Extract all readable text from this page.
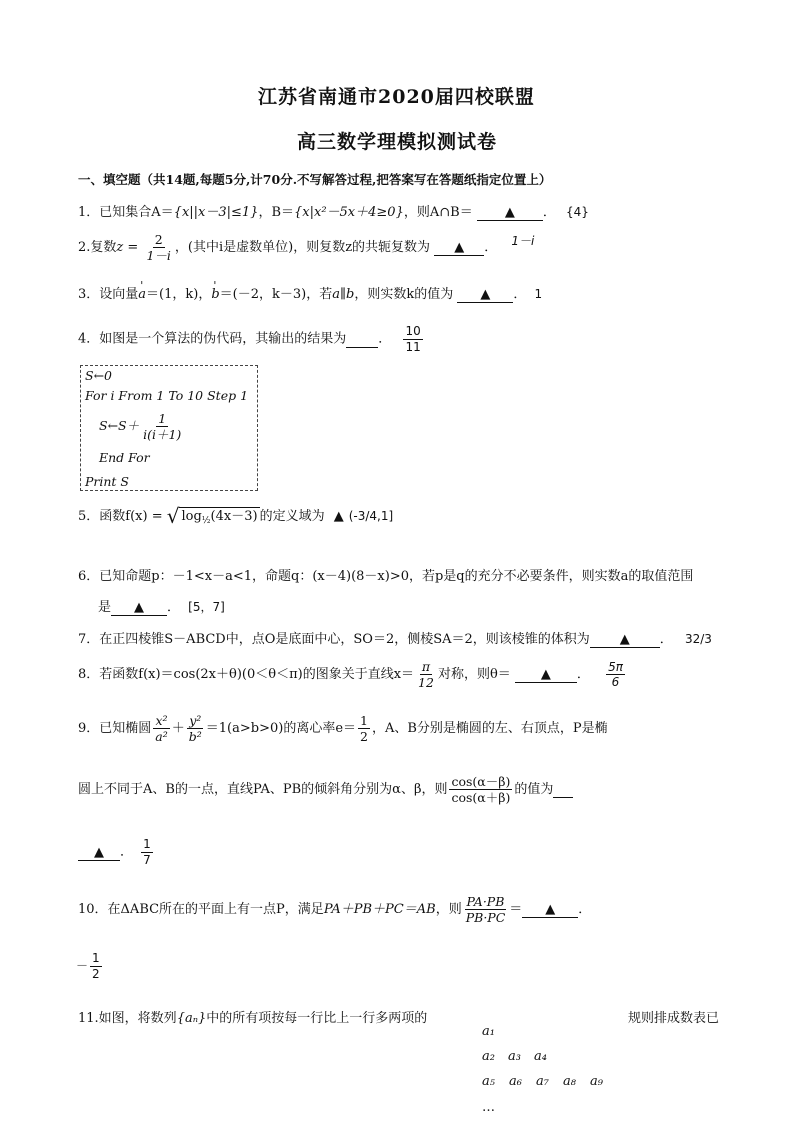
江苏省南通市2020届四校联盟
高三数学理模拟测试卷
一、填空题（共14题,每题5分,计70分.不写解答过程,把答案写在答题纸指定位置上）
1．已知集合A＝{x||x－3|≤1}，B＝{x|x²－5x＋4≥0}，则A∩B＝ ▲ ． {4}
2.复数$z = \frac{2}{1-i}$ ，(其中i是虚数单位)，则复数z的共轭复数为 ▲ ． 1－i
3．设向量' a＝(1，k)，' b＝(－2，k－3)，若a∥b，则实数k的值为 ▲ ． 1
4．如图是一个算法的伪代码，其输出的结果为 ． $\frac{10}{11}$
S←0
For i From 1 To 10 Step 1
S←S＋ $\frac{1}{i(i+1)}$
End For
Print S
5．函数f(x) = √ $\log_{\frac{1}{2}}(4x-3)$ 的定义域为 ▲ (-3/4,1]
6．已知命题p：－1<x－a<1，命题q：(x－4)(8－x)>0，若p是q的充分不必要条件，则实数a的取值范围
是 ▲ ． [5，7]
7．在正四棱锥S－ABCD中，点O是底面中心，SO＝2，侧棱SA＝2，则该棱锥的体积为 ▲ ． 32/3
8．若函数f(x)＝cos(2x＋θ)(0＜θ＜π)的图象关于直线$x= \frac{\pi}{12}$ 对称，则θ＝ ▲ ． $\frac{5\pi}{6}$
9．已知椭圆 $\frac{\text{x²}}{\text{a²}} + \frac{\text{y²}}{\text{b²}} =1(a>b>0)$的离心率$e= \frac{1}{2}$ ，A、B分别是椭圆的左、右顶点，P是椭
圆上不同于A、B的一点，直线PA、PB的倾斜角分别为α、β，则 $\frac{\cos(\alpha-\beta)}{\cos(\alpha+\beta)}$ 的值为
▲ ． $\frac{1}{7}$
10．在ΔABC所在的平面上有一点P，满足PA＋PB＋PC＝AB，则 $\frac{PA\cdot PB}{PB\cdot PC}$ ＝ ▲ ．
－ $\frac{1}{2}$
11.如图，将数列{aₙ}中的所有项按每一行比上一行多两项的	规则排成数表已
a₁
a₂ a₃ a₄
a₅ a₆ a₇ a₈ a₉
…
